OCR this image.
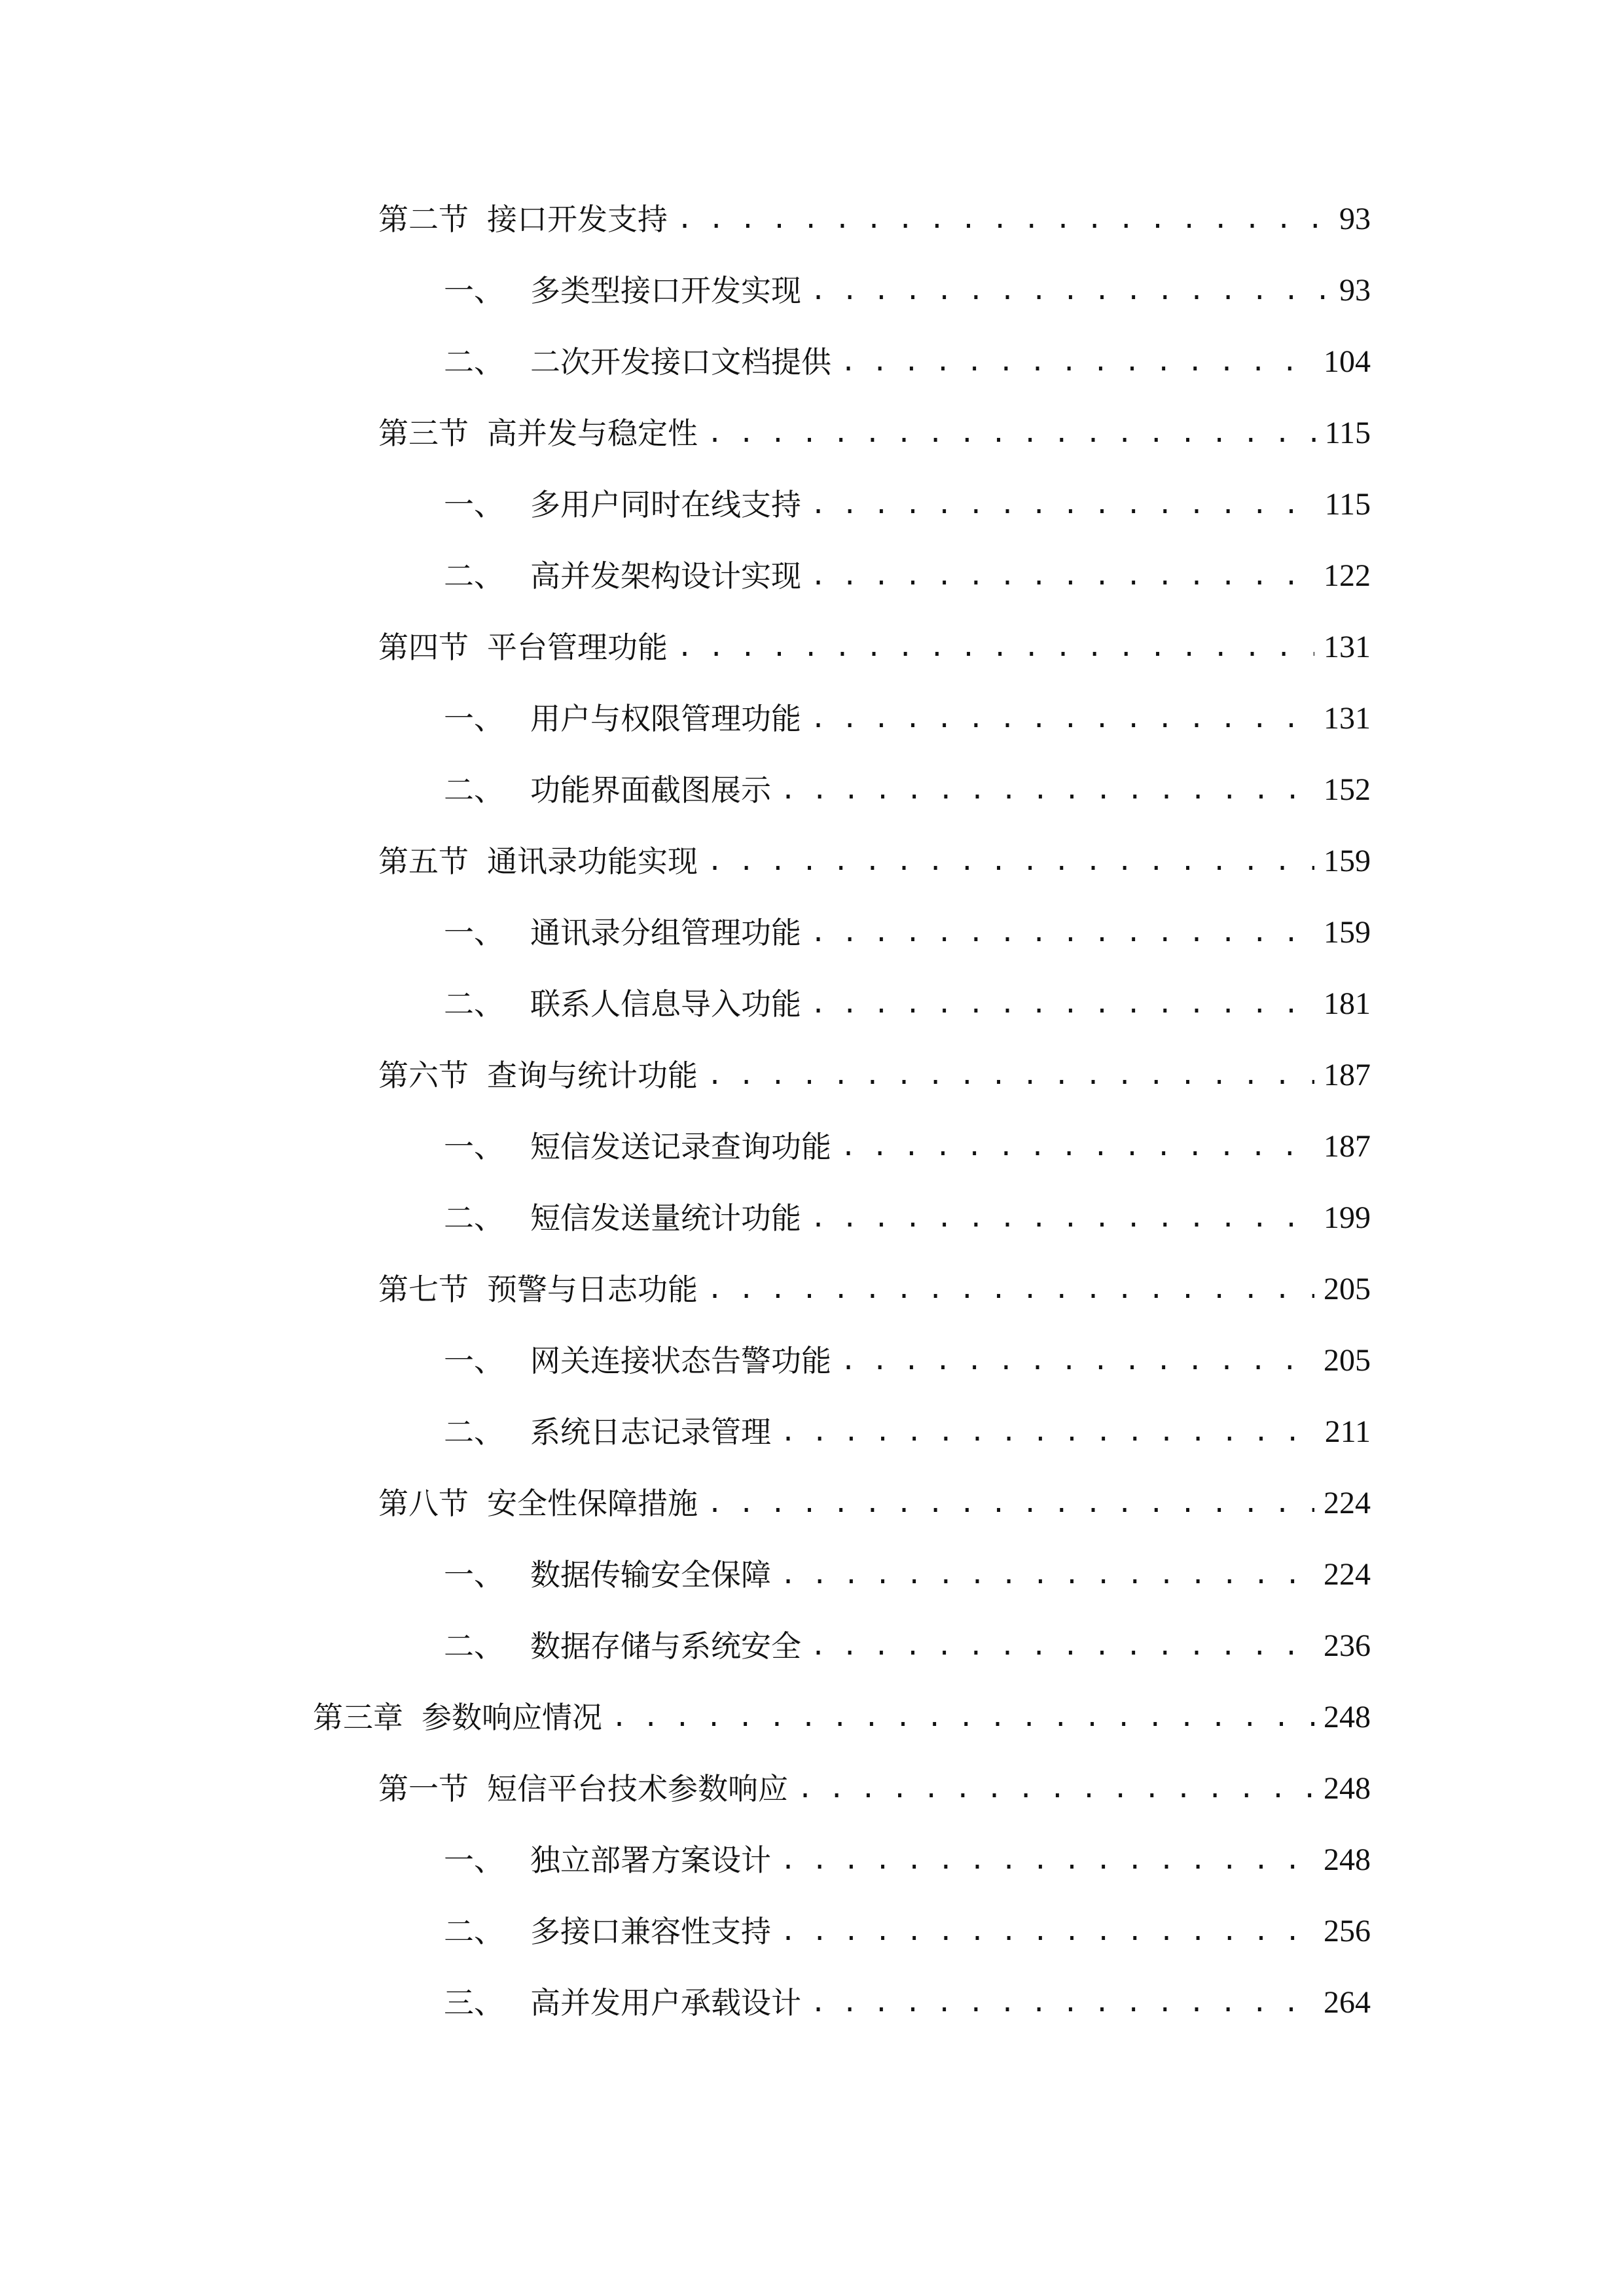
第二节 接口开发支持 . . .	93
一、 多类型接口开发实现 . . .	93
二、 二次开发接口文档提供 . . .	104
第三节 高并发与稳定性 . . .	115
一、 多用户同时在线支持 . . .	115
二、 高并发架构设计实现 . . .	122
第四节 平台管理功能 . . .	131
一、 用户与权限管理功能 . . .	131
二、 功能界面截图展示 . . .	152
第五节 通讯录功能实现 . . .	159
一、 通讯录分组管理功能 . . .	159
二、 联系人信息导入功能 . . .	181
第六节 查询与统计功能 . . .	187
一、 短信发送记录查询功能 . . .	187
二、 短信发送量统计功能 . . .	199
第七节 预警与日志功能 . . .	205
一、 网关连接状态告警功能 . . .	205
二、 系统日志记录管理 . . .	211
第八节 安全性保障措施 . . .	224
一、 数据传输安全保障 . . .	224
二、 数据存储与系统安全 . . .	236
第三章 参数响应情况 . . .	248
第一节 短信平台技术参数响应 . . .	248
一、 独立部署方案设计 . . .	248
二、 多接口兼容性支持 . . .	256
三、 高并发用户承载设计 . . .	264
